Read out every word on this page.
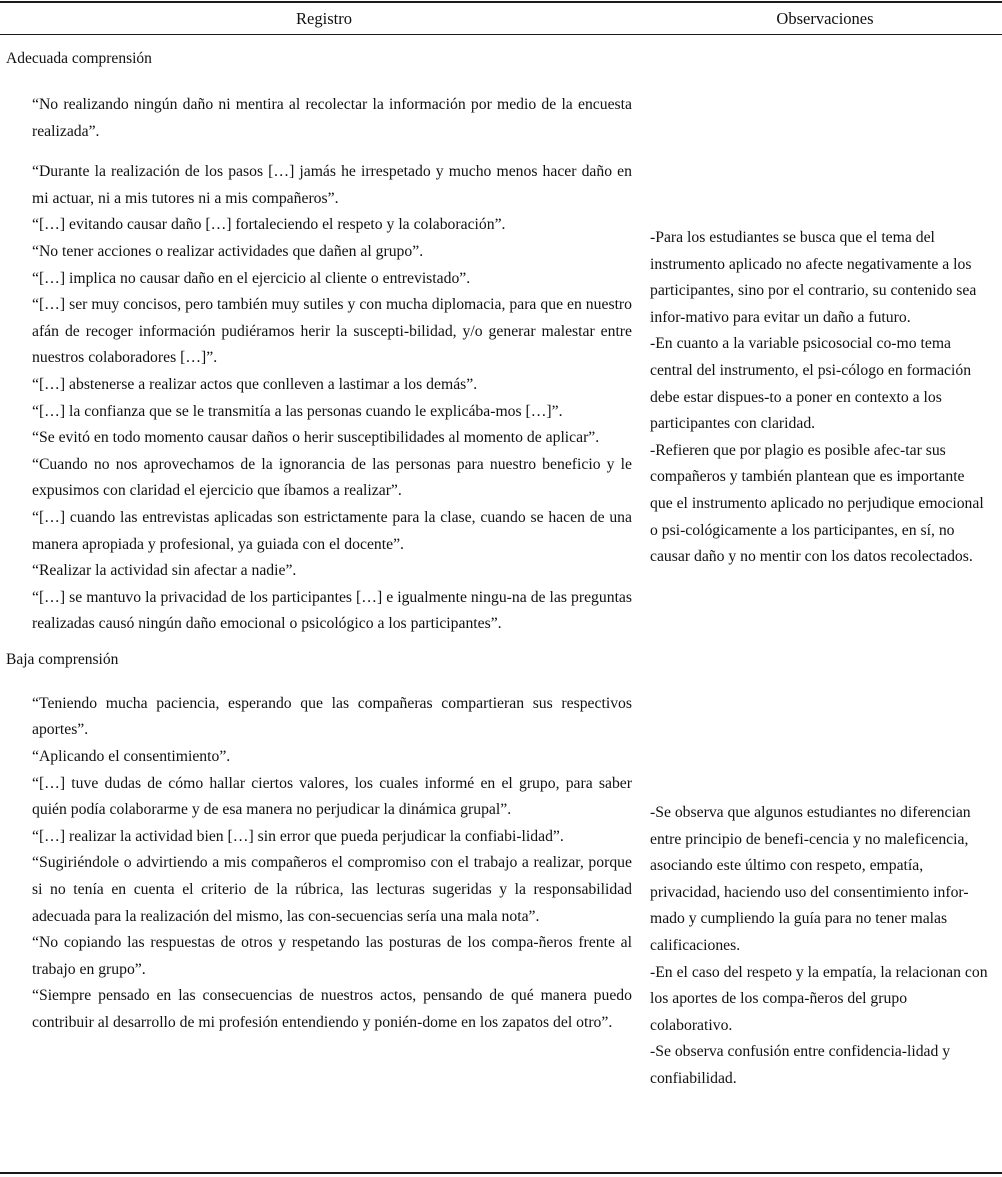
Registro	Observaciones
Adecuada comprensión
“No realizando ningún daño ni mentira al recolectar la información por medio de la encuesta realizada”.
“Durante la realización de los pasos […] jamás he irrespetado y mucho menos hacer daño en mi actuar, ni a mis tutores ni a mis compañeros”.
“[…] evitando causar daño […] fortaleciendo el respeto y la colaboración”.
“No tener acciones o realizar actividades que dañen al grupo”.
“[…] implica no causar daño en el ejercicio al cliente o entrevistado”.
“[…] ser muy concisos, pero también muy sutiles y con mucha diplomacia, para que en nuestro afán de recoger información pudiéramos herir la suscepti-bilidad, y/o generar malestar entre nuestros colaboradores […]”.
“[…] abstenerse a realizar actos que conlleven a lastimar a los demás”.
“[…] la confianza que se le transmitía a las personas cuando le explicába-mos […]”.
“Se evitó en todo momento causar daños o herir susceptibilidades al momento de aplicar”.
“Cuando no nos aprovechamos de la ignorancia de las personas para nuestro beneficio y le expusimos con claridad el ejercicio que íbamos a realizar”.
“[…] cuando las entrevistas aplicadas son estrictamente para la clase, cuando se hacen de una manera apropiada y profesional, ya guiada con el docente”.
“Realizar la actividad sin afectar a nadie”.
“[…] se mantuvo la privacidad de los participantes […] e igualmente ningu-na de las preguntas realizadas causó ningún daño emocional o psicológico a los participantes”.
Baja comprensión
“Teniendo mucha paciencia, esperando que las compañeras compartieran sus respectivos aportes”.
“Aplicando el consentimiento”.
“[…] tuve dudas de cómo hallar ciertos valores, los cuales informé en el grupo, para saber quién podía colaborarme y de esa manera no perjudicar la dinámica grupal”.
“[…] realizar la actividad bien […] sin error que pueda perjudicar la confiabi-lidad”.
“Sugiriéndole o advirtiendo a mis compañeros el compromiso con el trabajo a realizar, porque si no tenía en cuenta el criterio de la rúbrica, las lecturas sugeridas y la responsabilidad adecuada para la realización del mismo, las con-secuencias sería una mala nota”.
“No copiando las respuestas de otros y respetando las posturas de los compa-ñeros frente al trabajo en grupo”.
“Siempre pensado en las consecuencias de nuestros actos, pensando de qué manera puedo contribuir al desarrollo de mi profesión entendiendo y ponién-dome en los zapatos del otro”.

-Para los estudiantes se busca que el tema del instrumento aplicado no afecte negativamente a los participantes, sino por el contrario, su contenido sea infor-mativo para evitar un daño a futuro.

-En cuanto a la variable psicosocial co-mo tema central del instrumento, el psi-cólogo en formación debe estar dispues-to a poner en contexto a los participantes con claridad.

-Refieren que por plagio es posible afec-tar sus compañeros y también plantean que es importante que el instrumento aplicado no perjudique emocional o psi-cológicamente a los participantes, en sí, no causar daño y no mentir con los datos recolectados.

-Se observa que algunos estudiantes no diferencian entre principio de benefi-cencia y no maleficencia, asociando este último con respeto, empatía, privacidad, haciendo uso del consentimiento infor-mado y cumpliendo la guía para no tener malas calificaciones.

-En el caso del respeto y la empatía, la relacionan con los aportes de los compa-ñeros del grupo colaborativo.

-Se observa confusión entre confidencia-lidad y confiabilidad.
